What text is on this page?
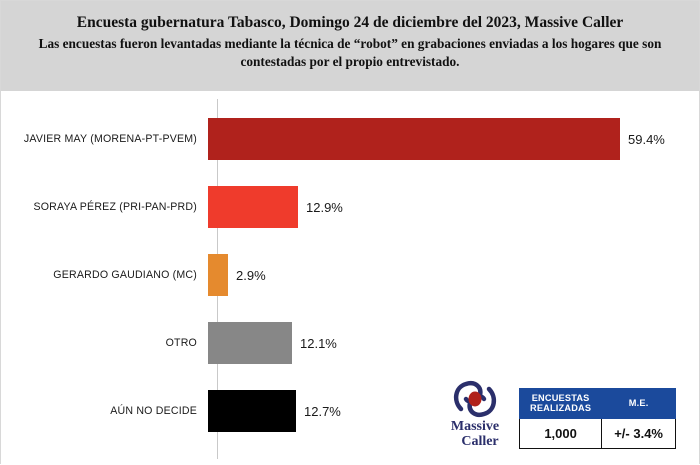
Encuesta gubernatura Tabasco, Domingo 24 de diciembre del 2023, Massive Caller
Las encuestas fueron levantadas mediante la técnica de “robot” en grabaciones enviadas a los hogares que son contestadas por el propio entrevistado.
JAVIER MAY (MORENA-PT-PVEM)	59.4%
SORAYA PÉREZ (PRI-PAN-PRD)	12.9%
GERARDO GAUDIANO (MC)	2.9%
OTRO	12.1%
AÚN NO DECIDE	12.7%
Massive
Caller
ENCUESTAS
REALIZADAS	M.E.
1,000	+/- 3.4%
